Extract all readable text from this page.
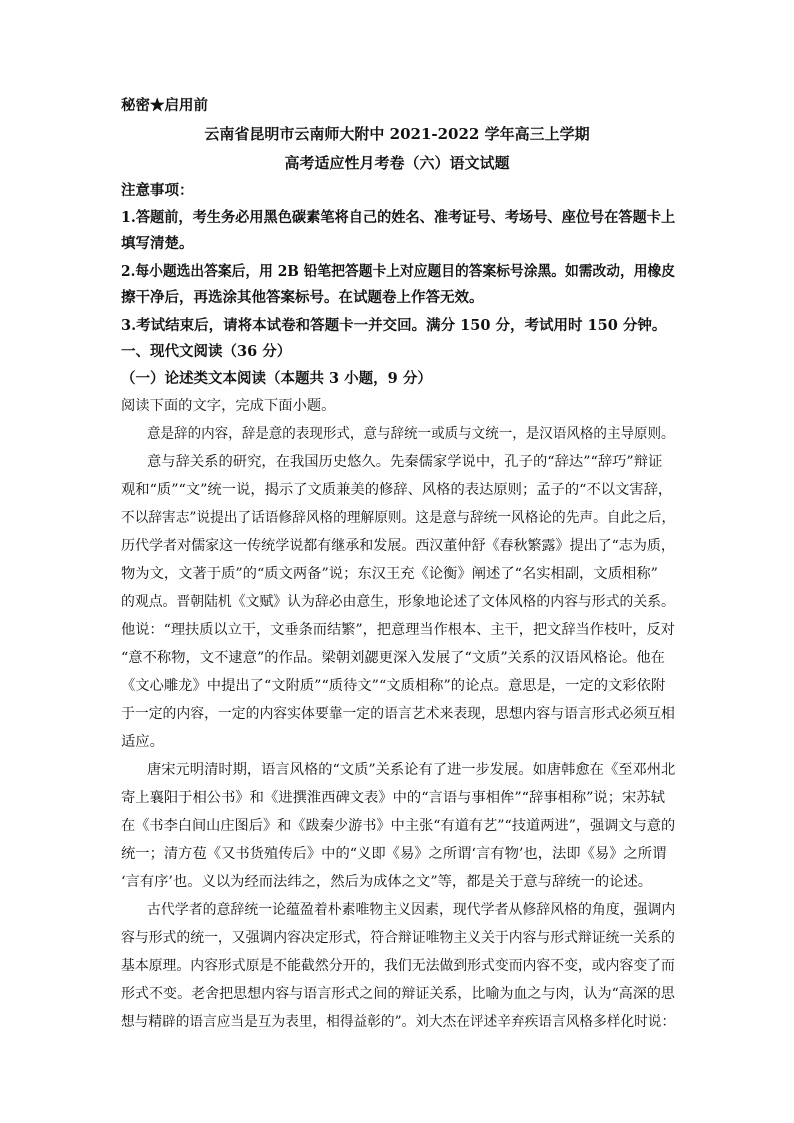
秘密★启用前
云南省昆明市云南师大附中 2021-2022 学年高三上学期
高考适应性月考卷（六）语文试题
注意事项：
1.答题前，考生务必用黑色碳素笔将自己的姓名、准考证号、考场号、座位号在答题卡上
填写清楚。
2.每小题选出答案后，用 2B 铅笔把答题卡上对应题目的答案标号涂黑。如需改动，用橡皮
擦干净后，再选涂其他答案标号。在试题卷上作答无效。
3.考试结束后，请将本试卷和答题卡一并交回。满分 150 分，考试用时 150 分钟。
一、现代文阅读（36 分）
（一）论述类文本阅读（本题共 3 小题，9 分）
阅读下面的文字，完成下面小题。
意是辞的内容，辞是意的表现形式，意与辞统一或质与文统一，是汉语风格的主导原则。
意与辞关系的研究，在我国历史悠久。先秦儒家学说中，孔子的“辞达”“辞巧”辩证
观和“质”“文”统一说，揭示了文质兼美的修辞、风格的表达原则；孟子的“不以文害辞，
不以辞害志”说提出了话语修辞风格的理解原则。这是意与辞统一风格论的先声。自此之后，
历代学者对儒家这一传统学说都有继承和发展。西汉董仲舒《春秋繁露》提出了“志为质，
物为文，文著于质”的“质文两备”说；东汉王充《论衡》阐述了“名实相副，文质相称”
的观点。晋朝陆机《文赋》认为辞必由意生，形象地论述了文体风格的内容与形式的关系。
他说：“理扶质以立干，文垂条而结繁”，把意理当作根本、主干，把文辞当作枝叶，反对
“意不称物，文不逮意”的作品。梁朝刘勰更深入发展了“文质”关系的汉语风格论。他在
《文心雕龙》中提出了“文附质”“质待文”“文质相称”的论点。意思是，一定的文彩依附
于一定的内容，一定的内容实体要靠一定的语言艺术来表现，思想内容与语言形式必须互相
适应。
唐宋元明清时期，语言风格的“文质”关系论有了进一步发展。如唐韩愈在《至邓州北
寄上襄阳于相公书》和《进撰淮西碑文表》中的“言语与事相侔”“辞事相称”说；宋苏轼
在《书李白间山庄图后》和《跋秦少游书》中主张“有道有艺”“技道两进”，强调文与意的
统一；清方苞《又书货殖传后》中的“义即《易》之所谓‘言有物’也，法即《易》之所谓
‘言有序’也。义以为经而法纬之，然后为成体之文”等，都是关于意与辞统一的论述。
古代学者的意辞统一论蕴盈着朴素唯物主义因素，现代学者从修辞风格的角度，强调内
容与形式的统一，又强调内容决定形式，符合辩证唯物主义关于内容与形式辩证统一关系的
基本原理。内容形式原是不能截然分开的，我们无法做到形式变而内容不变，或内容变了而
形式不变。老舍把思想内容与语言形式之间的辩证关系，比喻为血之与肉，认为“高深的思
想与精辟的语言应当是互为表里，相得益彰的”。刘大杰在评述辛弃疾语言风格多样化时说：
